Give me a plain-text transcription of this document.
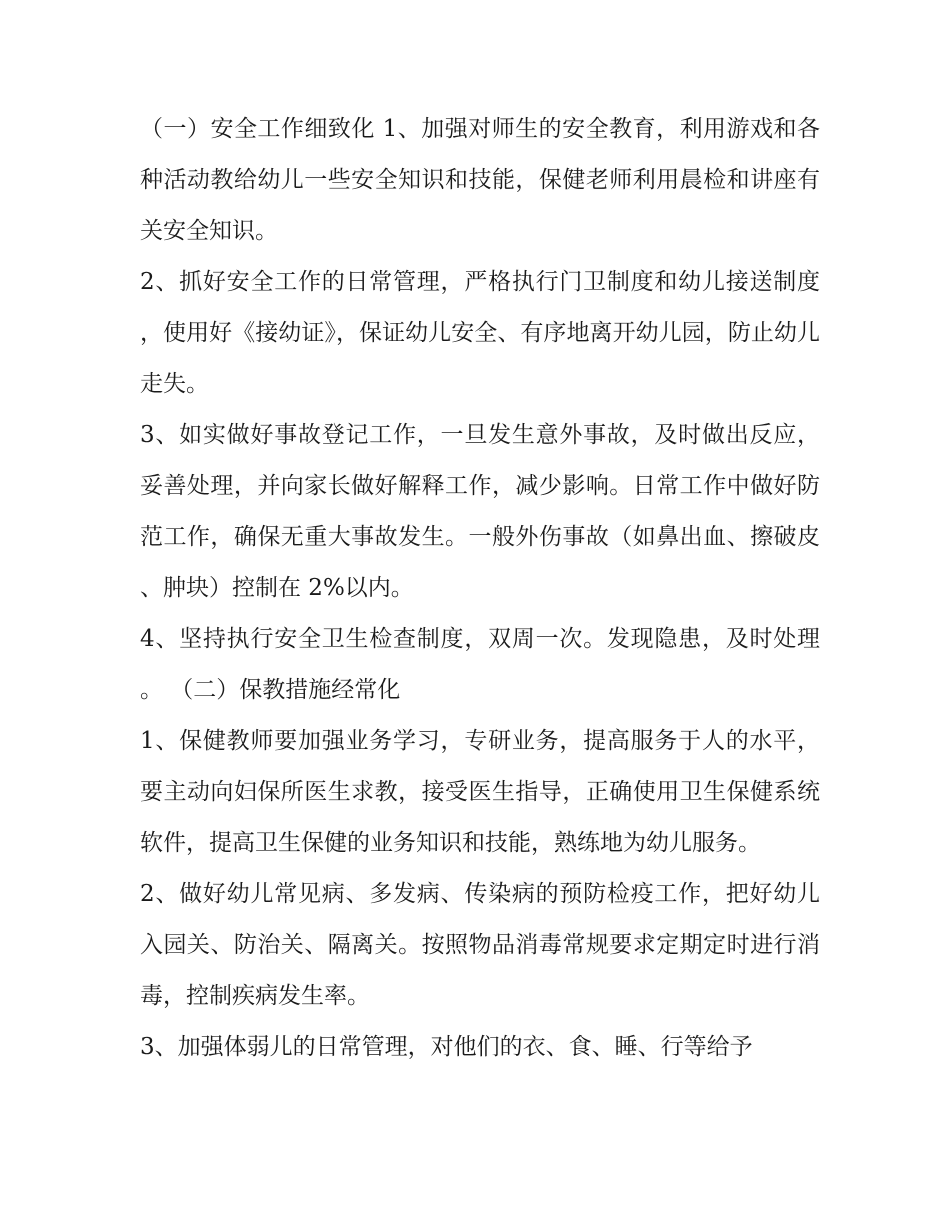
（一）安全工作细致化 1、加强对师生的安全教育，利用游戏和各种活动教给幼儿一些安全知识和技能，保健老师利用晨检和讲座有关安全知识。

2、抓好安全工作的日常管理，严格执行门卫制度和幼儿接送制度，使用好《接幼证》，保证幼儿安全、有序地离开幼儿园，防止幼儿走失。

3、如实做好事故登记工作，一旦发生意外事故，及时做出反应，妥善处理，并向家长做好解释工作，减少影响。日常工作中做好防范工作，确保无重大事故发生。一般外伤事故（如鼻出血、擦破皮、肿块）控制在 2%以内。

4、坚持执行安全卫生检查制度，双周一次。发现隐患，及时处理。 （二）保教措施经常化

1、保健教师要加强业务学习，专研业务，提高服务于人的水平，要主动向妇保所医生求教，接受医生指导，正确使用卫生保健系统软件，提高卫生保健的业务知识和技能，熟练地为幼儿服务。

2、做好幼儿常见病、多发病、传染病的预防检疫工作，把好幼儿入园关、防治关、隔离关。按照物品消毒常规要求定期定时进行消毒，控制疾病发生率。

3、加强体弱儿的日常管理，对他们的衣、食、睡、行等给予
